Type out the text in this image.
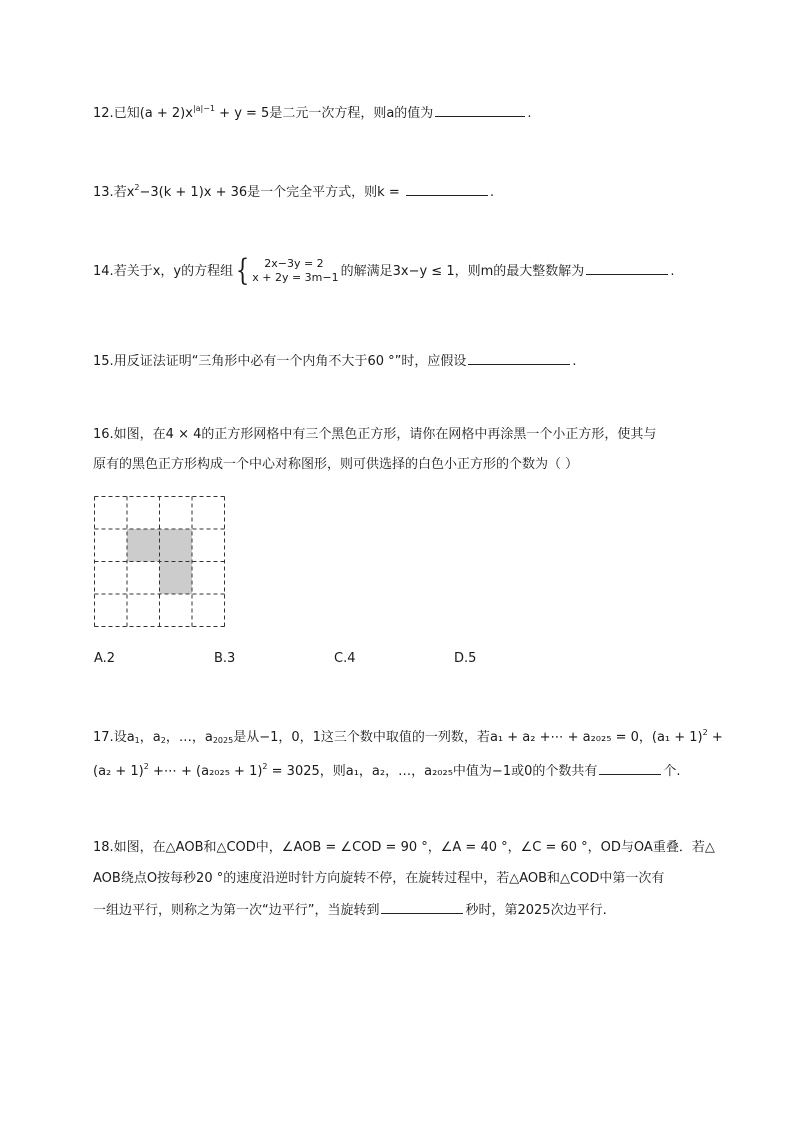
12.已知$(a + 2)x^{|a|-1} + y = 5$是二元一次方程，则a的值为	.
13.若$x^2-3(k + 1)x + 36$是一个完全平方式，则k =	.
14.若关于x，y的方程组{	2x−3y = 2
x + 2y = 3m−1 的解满足3x−y ≤ 1，则m的最大整数解为	.
15.用反证法证明“三角形中必有一个内角不大于60 °”时，应假设	.
16.如图，在4 × 4的正方形网格中有三个黑色正方形，请你在网格中再涂黑一个小正方形，使其与
原有的黑色正方形构成一个中心对称图形，则可供选择的白色小正方形的个数为（ ）
A.2	B.3	C.4	D.5
17.设$a_1$，$a_2$，…，$a_{2025}$是从−1，0，1这三个数中取值的一列数，若a₁ + a₂ +⋯ + a₂₀₂₅ = 0，$(a_1 + 1)^2$ +
$(a_2 + 1)^2$ +⋯ + $(a_{2025} + 1)^2 = 3025$，则a₁，a₂，…，a₂₀₂₅中值为−1或0的个数共有	个.
18.如图，在△AOB和△COD中，∠AOB = ∠COD = 90 °，∠A = 40 °，∠C = 60 °，OD与OA重叠．若△
AOB绕点O按每秒20 °的速度沿逆时针方向旋转不停，在旋转过程中，若△AOB和△COD中第一次有
一组边平行，则称之为第一次“边平行”，当旋转到	秒时，第2025次边平行.
